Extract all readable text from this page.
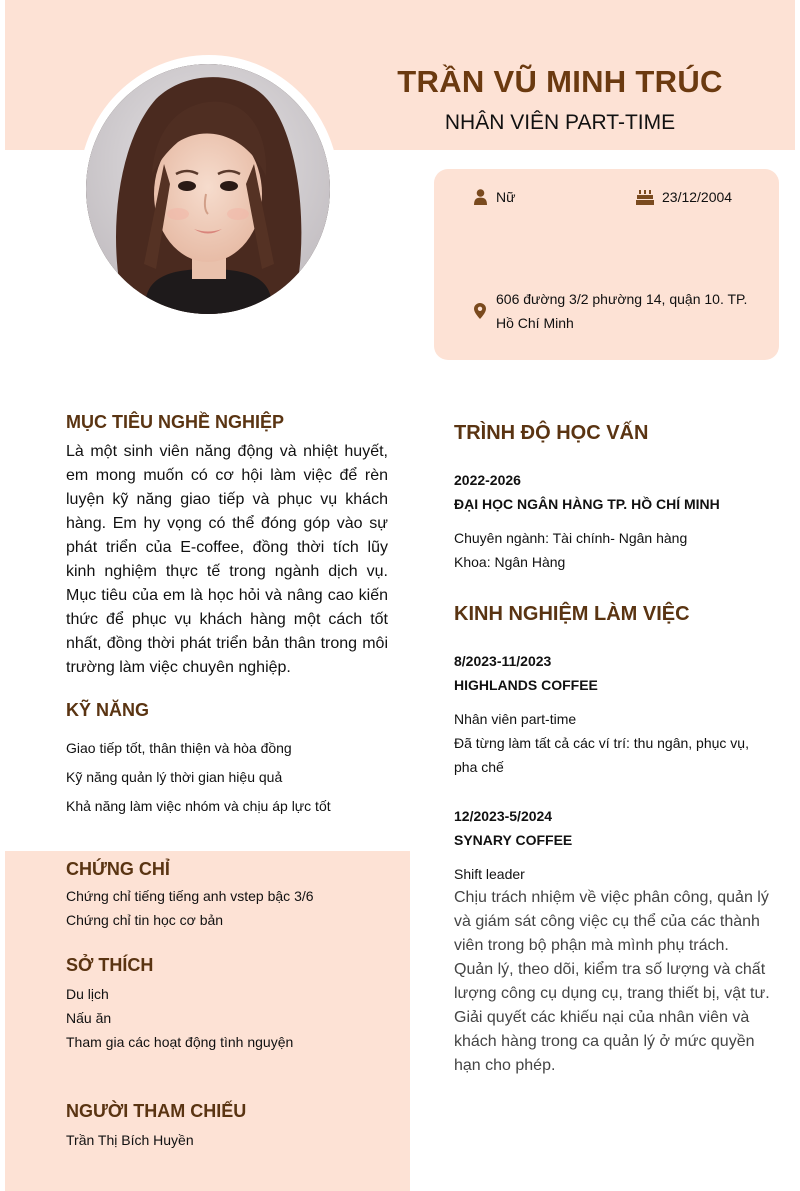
TRẦN VŨ MINH TRÚC
NHÂN VIÊN PART-TIME
Nữ	23/12/2004
606 đường 3/2 phường 14, quận 10. TP.
Hồ Chí Minh
MỤC TIÊU NGHỀ NGHIỆP
Là một sinh viên năng động và nhiệt huyết, em mong muốn có cơ hội làm việc để rèn luyện kỹ năng giao tiếp và phục vụ khách hàng. Em hy vọng có thể đóng góp vào sự phát triển của E-coffee, đồng thời tích lũy kinh nghiệm thực tế trong ngành dịch vụ. Mục tiêu của em là học hỏi và nâng cao kiến thức để phục vụ khách hàng một cách tốt nhất, đồng thời phát triển bản thân trong môi trường làm việc chuyên nghiệp.
KỸ NĂNG
Giao tiếp tốt, thân thiện và hòa đồng
Kỹ năng quản lý thời gian hiệu quả
Khả năng làm việc nhóm và chịu áp lực tốt
CHỨNG CHỈ
Chứng chỉ tiếng tiếng anh vstep bậc 3/6
Chứng chỉ tin học cơ bản
SỞ THÍCH
Du lịch
Nấu ăn
Tham gia các hoạt động tình nguyện
NGƯỜI THAM CHIẾU
Trần Thị Bích Huyền
TRÌNH ĐỘ HỌC VẤN
2022-2026
ĐẠI HỌC NGÂN HÀNG TP. HỒ CHÍ MINH
Chuyên ngành: Tài chính- Ngân hàng
Khoa: Ngân Hàng
KINH NGHIỆM LÀM VIỆC
8/2023-11/2023
HIGHLANDS COFFEE
Nhân viên part-time
Đã từng làm tất cả các ví trí: thu ngân, phục vụ, pha chế
12/2023-5/2024
SYNARY COFFEE
Shift leader
Chịu trách nhiệm về việc phân công, quản lý và giám sát công việc cụ thể của các thành viên trong bộ phận mà mình phụ trách. Quản lý, theo dõi, kiểm tra số lượng và chất lượng công cụ dụng cụ, trang thiết bị, vật tư. Giải quyết các khiếu nại của nhân viên và khách hàng trong ca quản lý ở mức quyền hạn cho phép.
